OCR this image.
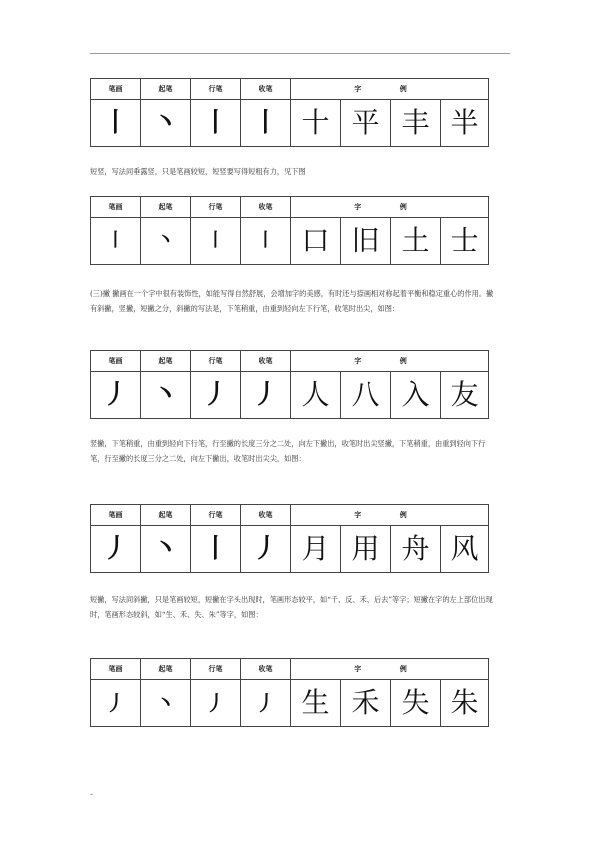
笔画	起笔	行笔	收笔	字 例			
丨	丶	丨	丨	十	平	丰	半

短竖，写法同垂露竖，只是笔画较短，短竖要写得短粗有力，见下图

笔画	起笔	行笔	收笔	字 例			
丨	丶	丨	丨	口	旧	土	士

(三)撇 撇画在一个字中很有装饰性，如能写得自然舒展，会增加字的美感，有时还与捺画相对称起着平衡和稳定重心的作用。撇有斜撇，竖撇，短撇之分，斜撇的写法是，下笔稍重，由重到轻向左下行笔，收笔时出尖，如图：

笔画	起笔	行笔	收笔	字 例			
丿	丶	丿	丿	人	八	入	友

竖撇，下笔稍重，由重到轻向下行笔，行至撇的长度三分之二处，向左下撇出，收笔时出尖竖撇，下笔稍重，由重到轻向下行笔，行至撇的长度三分之二处，向左下撇出，收笔时出尖尖，如图：

笔画	起笔	行笔	收笔	字 例			
丿	丶	丨	丿	月	用	舟	风

短撇，写法同斜撇，只是笔画较短，短撇在字头出现时，笔画形态较平，如“千、反、禾、后去”等字；短撇在字的左上部位出现时，笔画形态较斜，如“生、禾、失、朱”等字，如图：

笔画	起笔	行笔	收笔	字 例			
丿	丶	丿	丿	生	禾	失	朱
-
